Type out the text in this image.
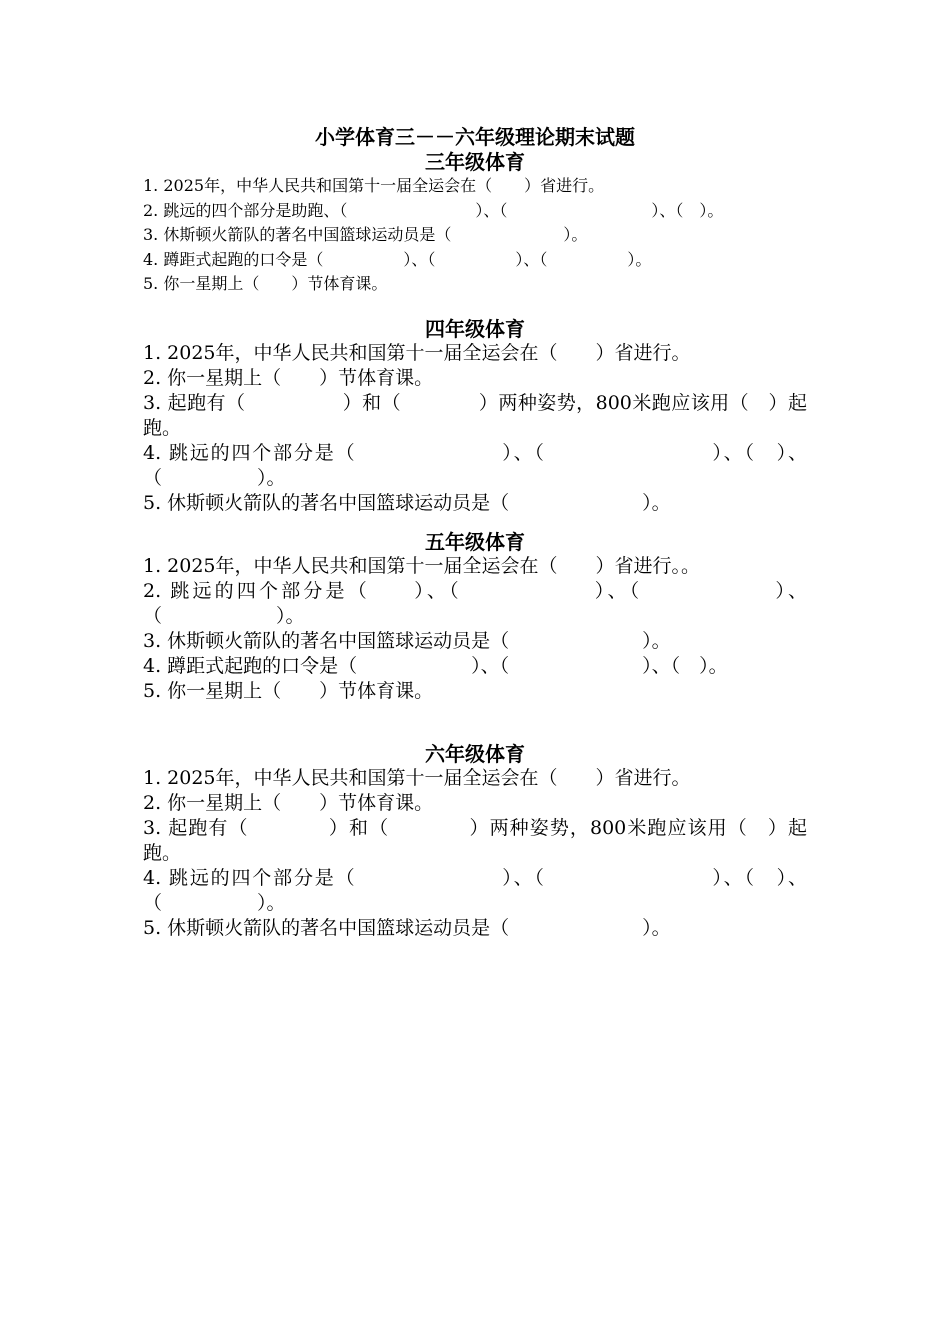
小学体育三－－六年级理论期末试题
三年级体育

1. 2025年，中华人民共和国第十一届全运会在（　　）省进行。

2. 跳远的四个部分是助跑、（　　　　　　　　）、（　　　　　　　　　）、（　）。

3. 休斯顿火箭队的著名中国篮球运动员是（　　　　　　　）。

4. 蹲距式起跑的口令是（　　　　　）、（　　　　　）、（　　　　　）。

5. 你一星期上（　　）节体育课。

四年级体育

1. 2025年，中华人民共和国第十一届全运会在（　　）省进行。

2. 你一星期上（　　）节体育课。

3. 起跑有（　　　　　）和（　　　　）两种姿势，800米跑应该用（　）起跑。

4. 跳远的四个部分是（　　　　　　　）、（　　　　　　　　）、（　）、（　　　　　）。

5. 休斯顿火箭队的著名中国篮球运动员是（　　　　　　　）。

五年级体育

1. 2025年，中华人民共和国第十一届全运会在（　　）省进行。。

2. 跳远的四个部分是（　　）、（　　　　　　）、（　　　　　　）、（　　　　　　）。

3. 休斯顿火箭队的著名中国篮球运动员是（　　　　　　　）。

4. 蹲距式起跑的口令是（　　　　　　）、（　　　　　　　）、（　）。

5. 你一星期上（　　）节体育课。

六年级体育

1. 2025年，中华人民共和国第十一届全运会在（　　）省进行。

2. 你一星期上（　　）节体育课。

3. 起跑有（　　　　）和（　　　　）两种姿势，800米跑应该用（　）起跑。

4. 跳远的四个部分是（　　　　　　　）、（　　　　　　　　）、（　）、（　　　　　）。

5. 休斯顿火箭队的著名中国篮球运动员是（　　　　　　　）。
